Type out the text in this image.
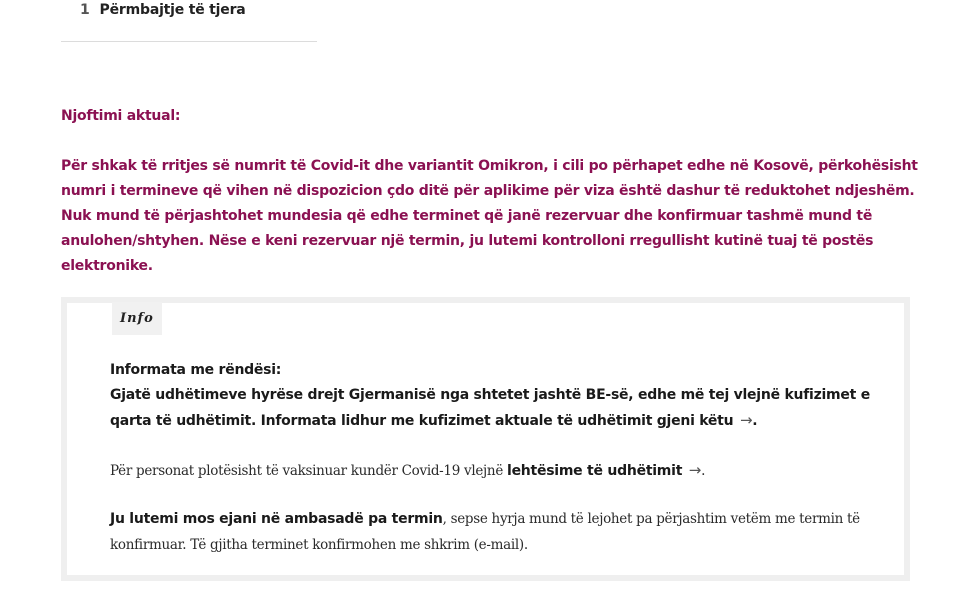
1 Përmbajtje të tjera

Njoftimi aktual:

Për shkak të rritjes së numrit të Covid-it dhe variantit Omikron, i cili po përhapet edhe në Kosovë, përkohësisht numri i termineve që vihen në dispozicion çdo ditë për aplikime për viza është dashur të reduktohet ndjeshëm. Nuk mund të përjashtohet mundesia që edhe terminet që janë rezervuar dhe konfirmuar tashmë mund të anulohen/shtyhen. Nëse e keni rezervuar një termin, ju lutemi kontrolloni rregullisht kutinë tuaj të postës elektronike.

Info

Informata me rëndësi:
Gjatë udhëtimeve hyrëse drejt Gjermanisë nga shtetet jashtë BE-së, edhe më tej vlejnë kufizimet e qarta të udhëtimit. Informata lidhur me kufizimet aktuale të udhëtimit gjeni këtu →.

Për personat plotësisht të vaksinuar kundër Covid-19 vlejnë lehtësime të udhëtimit →.

Ju lutemi mos ejani në ambasadë pa termin, sepse hyrja mund të lejohet pa përjashtim vetëm me termin të konfirmuar. Të gjitha terminet konfirmohen me shkrim (e-mail).
